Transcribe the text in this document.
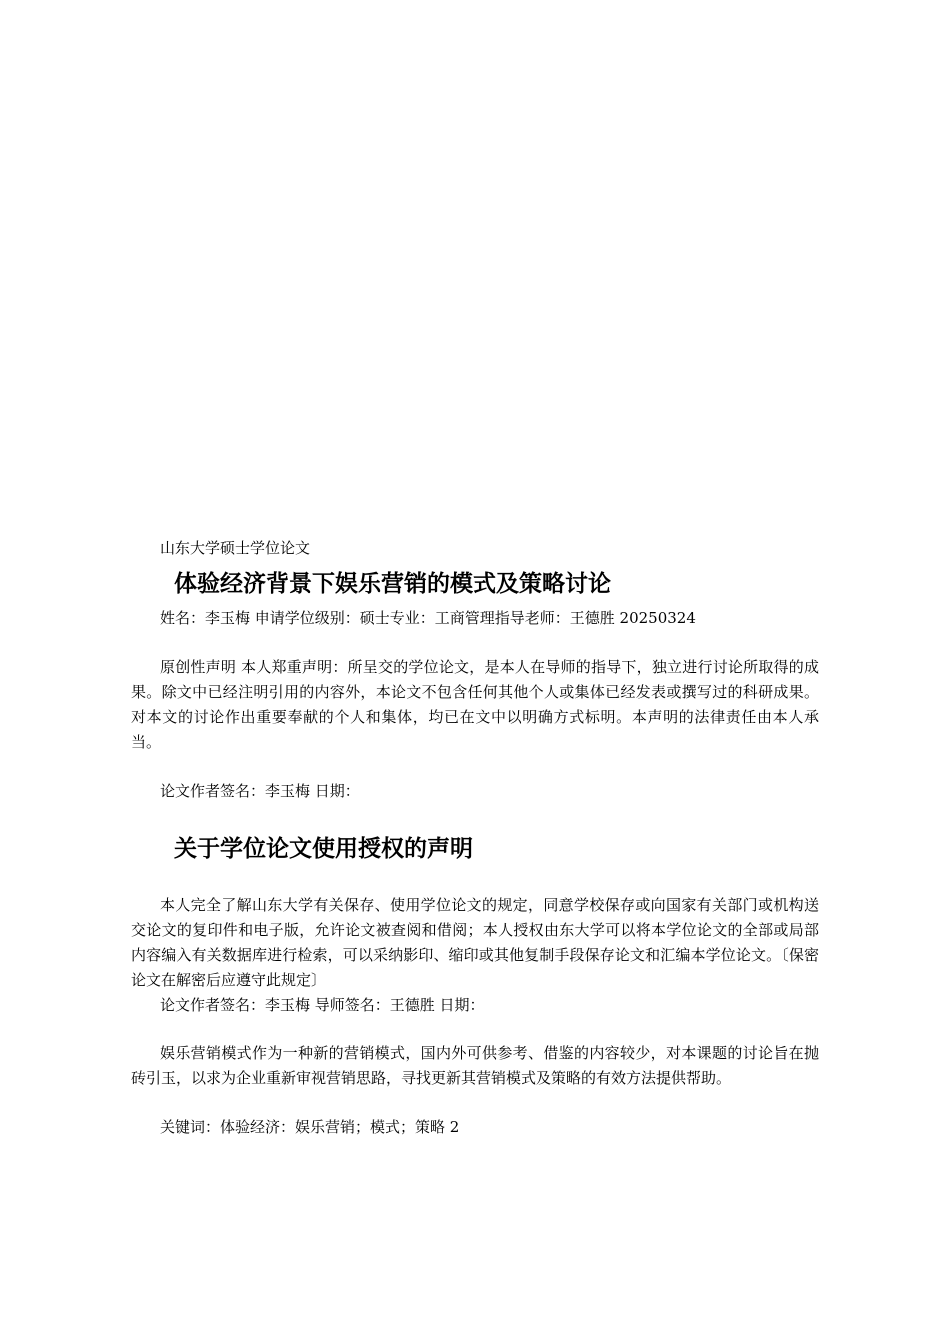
山东大学硕士学位论文

体验经济背景下娱乐营销的模式及策略讨论

姓名：李玉梅 申请学位级别：硕士专业：工商管理指导老师：王德胜 20250324

原创性声明 本人郑重声明：所呈交的学位论文，是本人在导师的指导下，独立进行讨论所取得的成果。除文中已经注明引用的内容外，本论文不包含任何其他个人或集体已经发表或撰写过的科研成果。对本文的讨论作出重要奉献的个人和集体，均已在文中以明确方式标明。本声明的法律责任由本人承当。

论文作者签名：李玉梅 日期：

关于学位论文使用授权的声明

本人完全了解山东大学有关保存、使用学位论文的规定，同意学校保存或向国家有关部门或机构送交论文的复印件和电子版，允许论文被查阅和借阅；本人授权由东大学可以将本学位论文的全部或局部内容编入有关数据库进行检索，可以采纳影印、缩印或其他复制手段保存论文和汇编本学位论文。〔保密论文在解密后应遵守此规定〕

论文作者签名：李玉梅 导师签名：王德胜 日期：

娱乐营销模式作为一种新的营销模式，国内外可供参考、借鉴的内容较少，对本课题的讨论旨在抛砖引玉，以求为企业重新审视营销思路，寻找更新其营销模式及策略的有效方法提供帮助。

关键词：体验经济：娱乐营销；模式；策略 2
